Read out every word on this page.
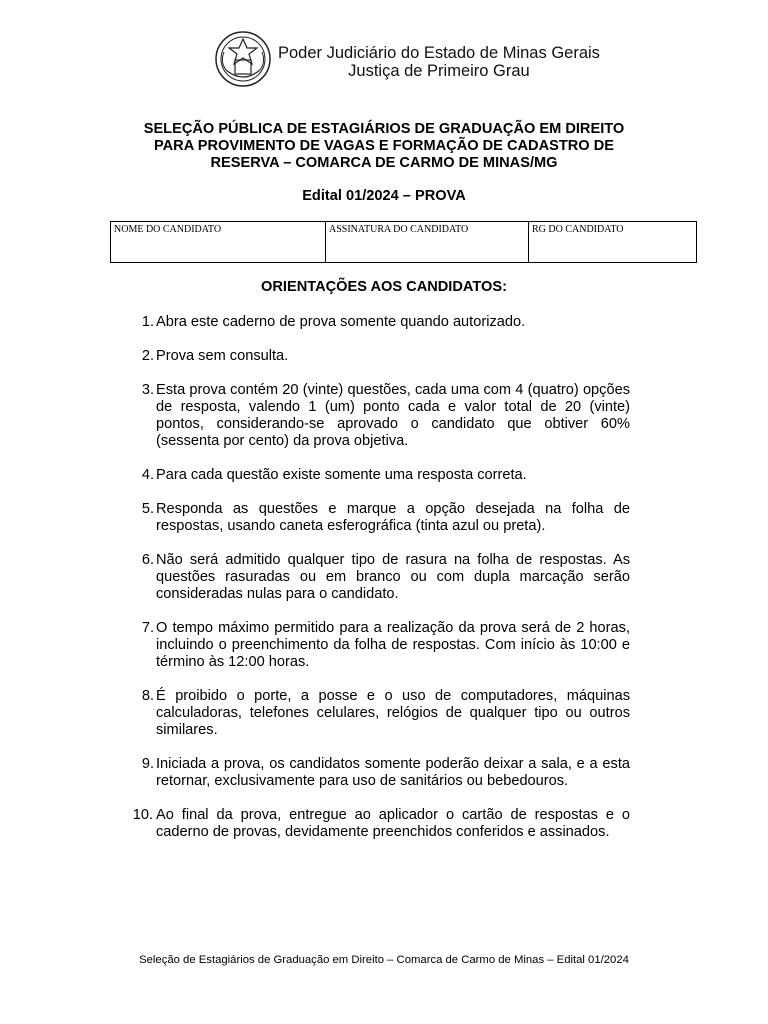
Poder Judiciário do Estado de Minas Gerais
Justiça de Primeiro Grau
SELEÇÃO PÚBLICA DE ESTAGIÁRIOS DE GRADUAÇÃO EM DIREITO
PARA PROVIMENTO DE VAGAS E FORMAÇÃO DE CADASTRO DE
RESERVA – COMARCA DE CARMO DE MINAS/MG
Edital 01/2024 – PROVA
NOME DO CANDIDATO	ASSINATURA DO CANDIDATO	RG DO CANDIDATO
ORIENTAÇÕES AOS CANDIDATOS:
1. Abra este caderno de prova somente quando autorizado.
2. Prova sem consulta.
3. Esta prova contém 20 (vinte) questões, cada uma com 4 (quatro) opções de resposta, valendo 1 (um) ponto cada e valor total de 20 (vinte) pontos, considerando-se aprovado o candidato que obtiver 60% (sessenta por cento) da prova objetiva.
4. Para cada questão existe somente uma resposta correta.
5. Responda as questões e marque a opção desejada na folha de respostas, usando caneta esferográfica (tinta azul ou preta).
6. Não será admitido qualquer tipo de rasura na folha de respostas. As questões rasuradas ou em branco ou com dupla marcação serão consideradas nulas para o candidato.
7. O tempo máximo permitido para a realização da prova será de 2 horas, incluindo o preenchimento da folha de respostas. Com início às 10:00 e término às 12:00 horas.
8. É proibido o porte, a posse e o uso de computadores, máquinas calculadoras, telefones celulares, relógios de qualquer tipo ou outros similares.
9. Iniciada a prova, os candidatos somente poderão deixar a sala, e a esta retornar, exclusivamente para uso de sanitários ou bebedouros.
10. Ao final da prova, entregue ao aplicador o cartão de respostas e o caderno de provas, devidamente preenchidos conferidos e assinados.
Seleção de Estagiários de Graduação em Direito – Comarca de Carmo de Minas – Edital 01/2024
